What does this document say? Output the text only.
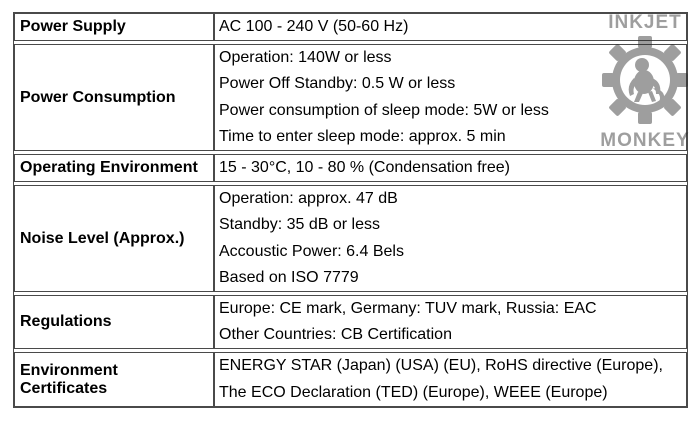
Power Supply	AC 100 - 240 V (50-60 Hz)

Power Consumption	Operation: 140W or less
Power Off Standby: 0.5 W or less
Power consumption of sleep mode: 5W or less
Time to enter sleep mode: approx. 5 min

Operating Environment	15 - 30°C, 10 - 80 % (Condensation free)

Noise Level (Approx.)	Operation: approx. 47 dB
Standby: 35 dB or less
Accoustic Power: 6.4 Bels
Based on ISO 7779

Regulations	Europe: CE mark, Germany: TUV mark, Russia: EAC
Other Countries: CB Certification

Environment Certificates	ENERGY STAR (Japan) (USA) (EU), RoHS directive (Europe),
The ECO Declaration (TED) (Europe), WEEE (Europe)
INKJET
MONKEY
